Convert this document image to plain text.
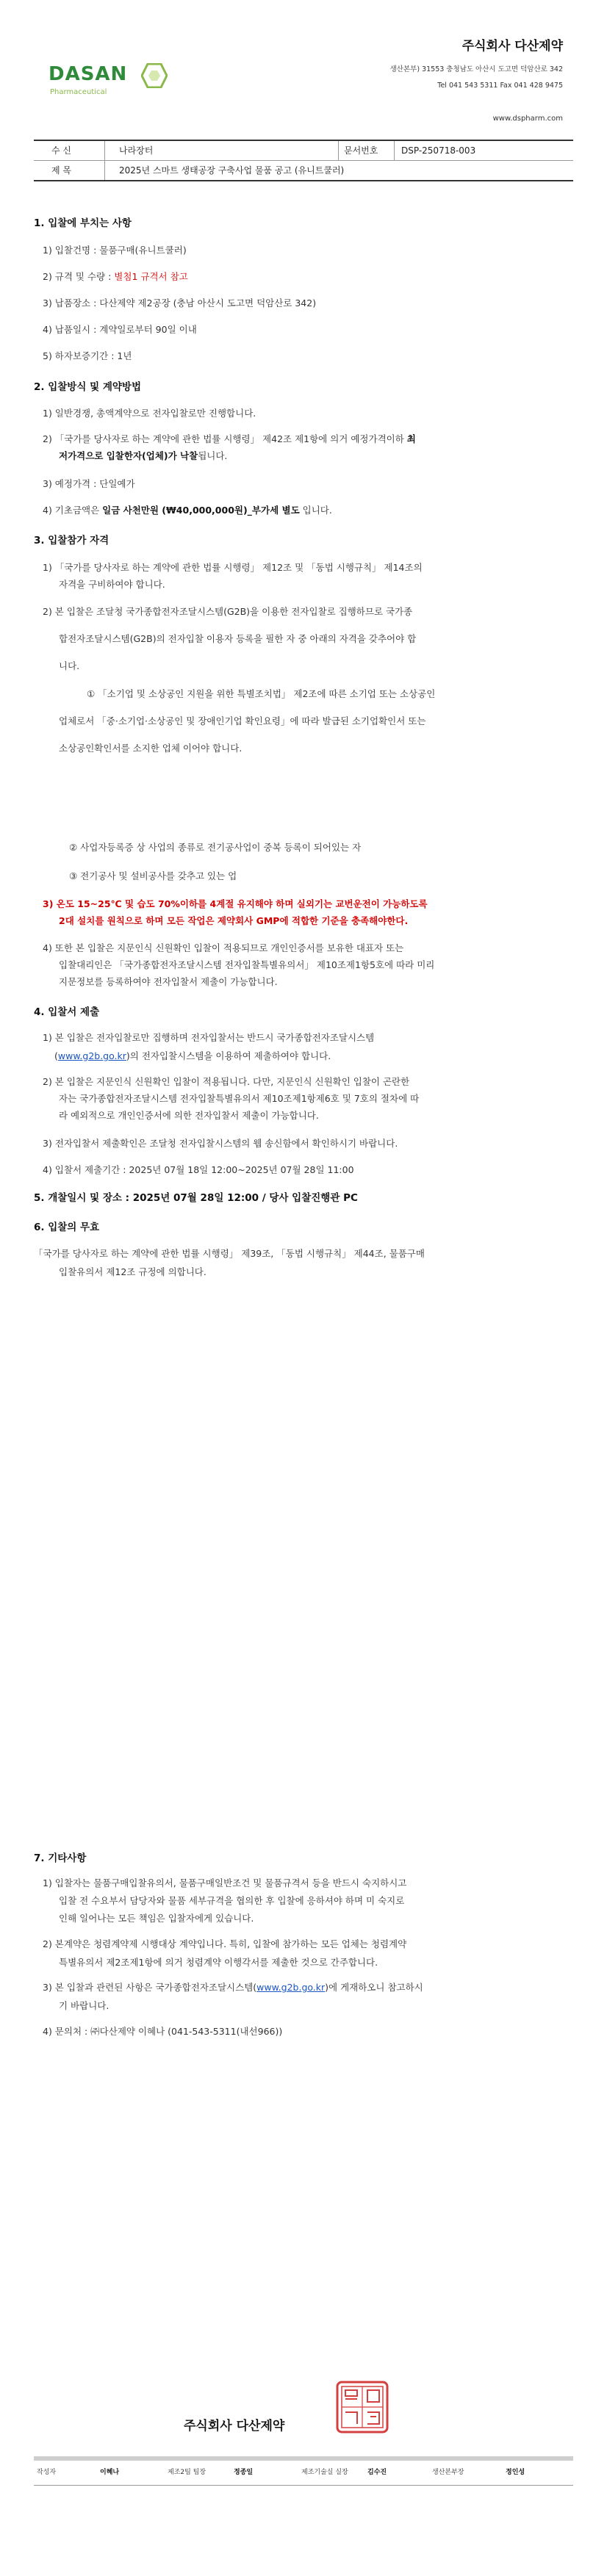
주식회사 다산제약
DASAN
Pharmaceutical
생산본부) 31553 충청남도 아산시 도고면 덕암산로 342
Tel 041 543 5311 Fax 041 428 9475
www.dspharm.com
수 신	나라장터	문서번호	DSP-250718-003
제 목	2025년 스마트 생태공장 구축사업 물품 공고 (유니트쿨러)
1. 입찰에 부치는 사항
1) 입찰건명 : 물품구매(유니트쿨러)
2) 규격 및 수량 : 별첨1 규격서 참고
3) 납품장소 : 다산제약 제2공장 (충남 아산시 도고면 덕암산로 342)
4) 납품일시 : 계약일로부터 90일 이내
5) 하자보증기간 : 1년
2. 입찰방식 및 계약방법
1) 일반경쟁, 총액계약으로 전자입찰로만 진행합니다.
2) 「국가를 당사자로 하는 계약에 관한 법률 시행령」 제42조 제1항에 의거 예정가격이하 최
저가격으로 입찰한자(업체)가 낙찰됩니다.
3) 예정가격 : 단일예가
4) 기초금액은 일금 사천만원 (₩40,000,000원)_부가세 별도 입니다.
3. 입찰참가 자격
1) 「국가를 당사자로 하는 계약에 관한 법률 시행령」 제12조 및 「동법 시행규칙」 제14조의
자격을 구비하여야 합니다.
2) 본 입찰은 조달청 국가종합전자조달시스템(G2B)을 이용한 전자입찰로 집행하므로 국가종
합전자조달시스템(G2B)의 전자입찰 이용자 등록을 필한 자 중 아래의 자격을 갖추어야 합
니다.
① 「소기업 및 소상공인 지원을 위한 특별조치법」 제2조에 따른 소기업 또는 소상공인
업체로서 「중·소기업·소상공인 및 장애인기업 확인요령」에 따라 발급된 소기업확인서 또는
소상공인확인서를 소지한 업체 이어야 합니다.
② 사업자등록증 상 사업의 종류로 전기공사업이 중복 등록이 되어있는 자
③ 전기공사 및 설비공사를 갖추고 있는 업
3) 온도 15~25℃ 및 습도 70%이하를 4계절 유지해야 하며 실외기는 교번운전이 가능하도록
2대 설치를 원칙으로 하며 모든 작업은 제약회사 GMP에 적합한 기준을 충족해야한다.
4) 또한 본 입찰은 지문인식 신원확인 입찰이 적용되므로 개인인증서를 보유한 대표자 또는
입찰대리인은 「국가종합전자조달시스템 전자입찰특별유의서」 제10조제1항5호에 따라 미리
지문정보를 등록하여야 전자입찰서 제출이 가능합니다.
4. 입찰서 제출
1) 본 입찰은 전자입찰로만 집행하며 전자입찰서는 반드시 국가종합전자조달시스템
(www.g2b.go.kr)의 전자입찰시스템을 이용하여 제출하여야 합니다.
2) 본 입찰은 지문인식 신원확인 입찰이 적용됩니다. 다만, 지문인식 신원확인 입찰이 곤란한
자는 국가종합전자조달시스템 전자입찰특별유의서 제10조제1항제6호 및 7호의 절차에 따
라 예외적으로 개인인증서에 의한 전자입찰서 제출이 가능합니다.
3) 전자입찰서 제출확인은 조달청 전자입찰시스템의 웹 송신함에서 확인하시기 바랍니다.
4) 입찰서 제출기간 : 2025년 07월 18일 12:00~2025년 07월 28일 11:00
5. 개찰일시 및 장소 : 2025년 07월 28일 12:00 / 당사 입찰진행관 PC
6. 입찰의 무효
「국가를 당사자로 하는 계약에 관한 법률 시행령」 제39조, 「동법 시행규칙」 제44조, 물품구매
입찰유의서 제12조 규정에 의합니다.
7. 기타사항
1) 입찰자는 물품구매입찰유의서, 물품구매일반조건 및 물품규격서 등을 반드시 숙지하시고
입찰 전 수요부서 담당자와 물품 세부규격을 협의한 후 입찰에 응하셔야 하며 미 숙지로
인해 일어나는 모든 책임은 입찰자에게 있습니다.
2) 본계약은 청렴계약제 시행대상 계약입니다. 특히, 입찰에 참가하는 모든 업체는 청렴계약
특별유의서 제2조제1항에 의거 청렴계약 이행각서를 제출한 것으로 간주합니다.
3) 본 입찰과 관련된 사항은 국가종합전자조달시스템(www.g2b.go.kr)에 게재하오니 참고하시
기 바랍니다.
4) 문의처 : ㈜다산제약 이혜나 (041-543-5311(내선966))
주식회사 다산제약
작성자	이혜나	제조2팀 팀장	정종일	제조기술실 실장	김수진	생산본부장	정인성
